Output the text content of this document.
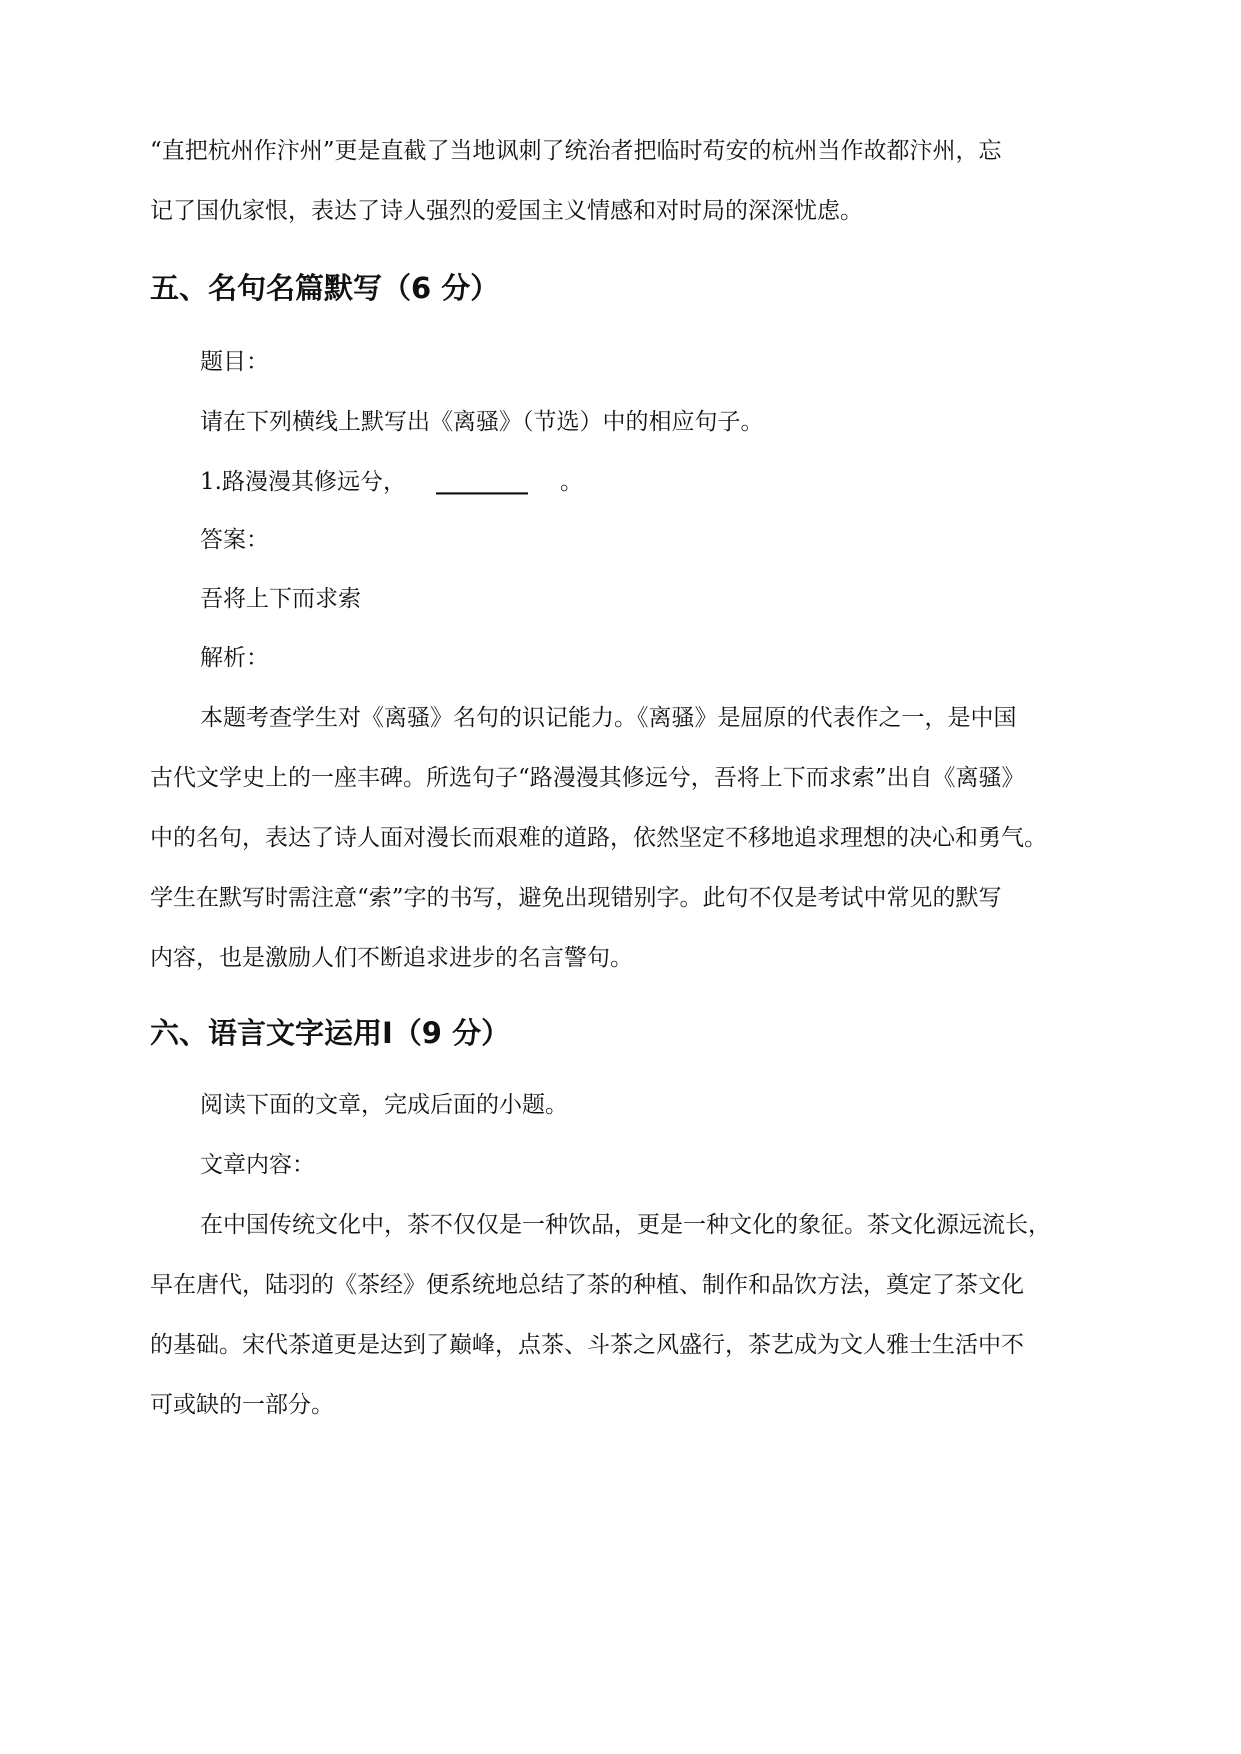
“直把杭州作汴州”更是直截了当地讽刺了统治者把临时苟安的杭州当作故都汴州，忘
记了国仇家恨，表达了诗人强烈的爱国主义情感和对时局的深深忧虑。
五、名句名篇默写（6 分）
题目：
请在下列横线上默写出《离骚》（节选）中的相应句子。
1.路漫漫其修远兮， ________ 。
答案：
吾将上下而求索
解析：
本题考查学生对《离骚》名句的识记能力。《离骚》是屈原的代表作之一，是中国
古代文学史上的一座丰碑。所选句子“路漫漫其修远兮，吾将上下而求索”出自《离骚》
中的名句，表达了诗人面对漫长而艰难的道路，依然坚定不移地追求理想的决心和勇气。
学生在默写时需注意“索”字的书写，避免出现错别字。此句不仅是考试中常见的默写
内容，也是激励人们不断追求进步的名言警句。
六、语言文字运用Ⅰ（9 分）
阅读下面的文章，完成后面的小题。
文章内容：
在中国传统文化中，茶不仅仅是一种饮品，更是一种文化的象征。茶文化源远流长，
早在唐代，陆羽的《茶经》便系统地总结了茶的种植、制作和品饮方法，奠定了茶文化
的基础。宋代茶道更是达到了巅峰，点茶、斗茶之风盛行，茶艺成为文人雅士生活中不
可或缺的一部分。
